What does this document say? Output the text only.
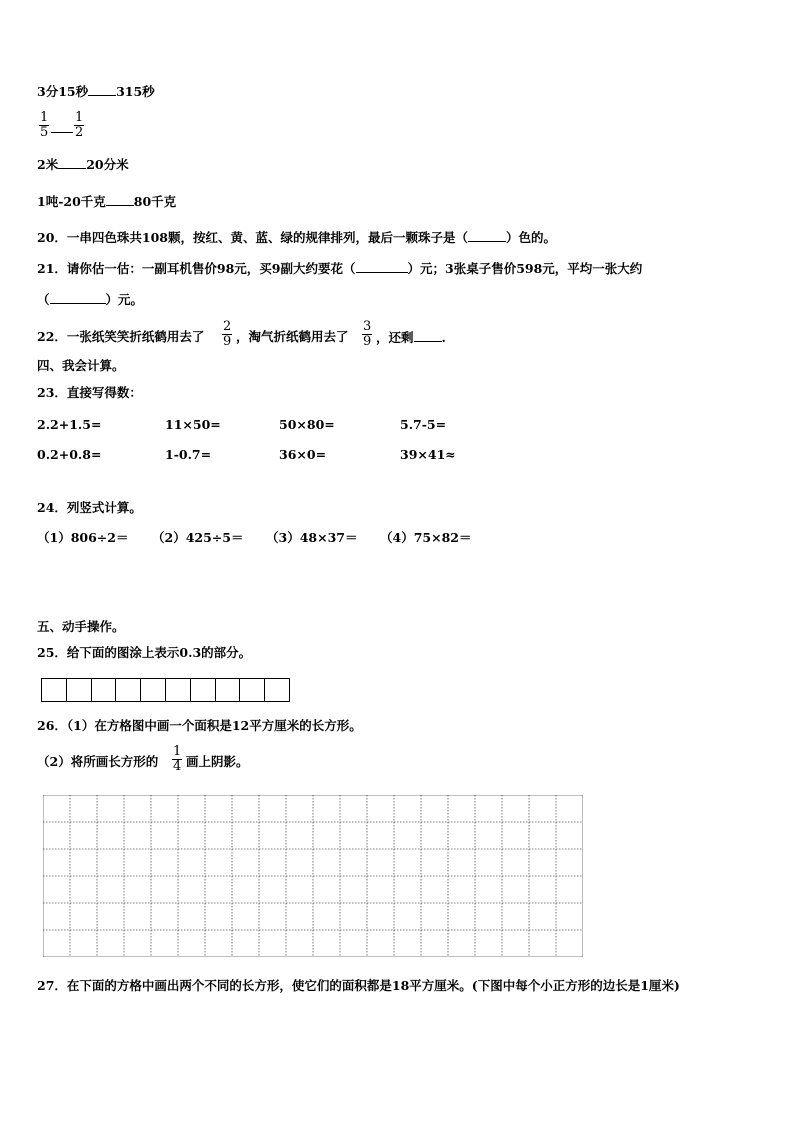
3分15秒 315秒
1
5
1
2
2米 20分米
1吨-20千克 80千克
20．一串四色珠共108颗，按红、黄、蓝、绿的规律排列，最后一颗珠子是（	）色的。
21．请你估一估：一副耳机售价98元，买9副大约要花（	）元；3张桌子售价598元，平均一张大约
（	）元。
22．一张纸笑笑折纸鹤用去了
2
9 ，淘气折纸鹤用去了
3
9 ，还剩 .
四、我会计算。
23．直接写得数：
2.2+1.5=	11×50=	50×80=	5.7-5=
0.2+0.8=	1-0.7=	36×0=	39×41≈
24．列竖式计算。
（1）806÷2＝ （2）425÷5＝ （3）48×37＝ （4）75×82＝
五、动手操作。
25．给下面的图涂上表示0.3的部分。
26．（1）在方格图中画一个面积是12平方厘米的长方形。
（2）将所画长方形的
1
4 画上阴影。
27．在下面的方格中画出两个不同的长方形，使它们的面积都是18平方厘米。(下图中每个小正方形的边长是1厘米)
